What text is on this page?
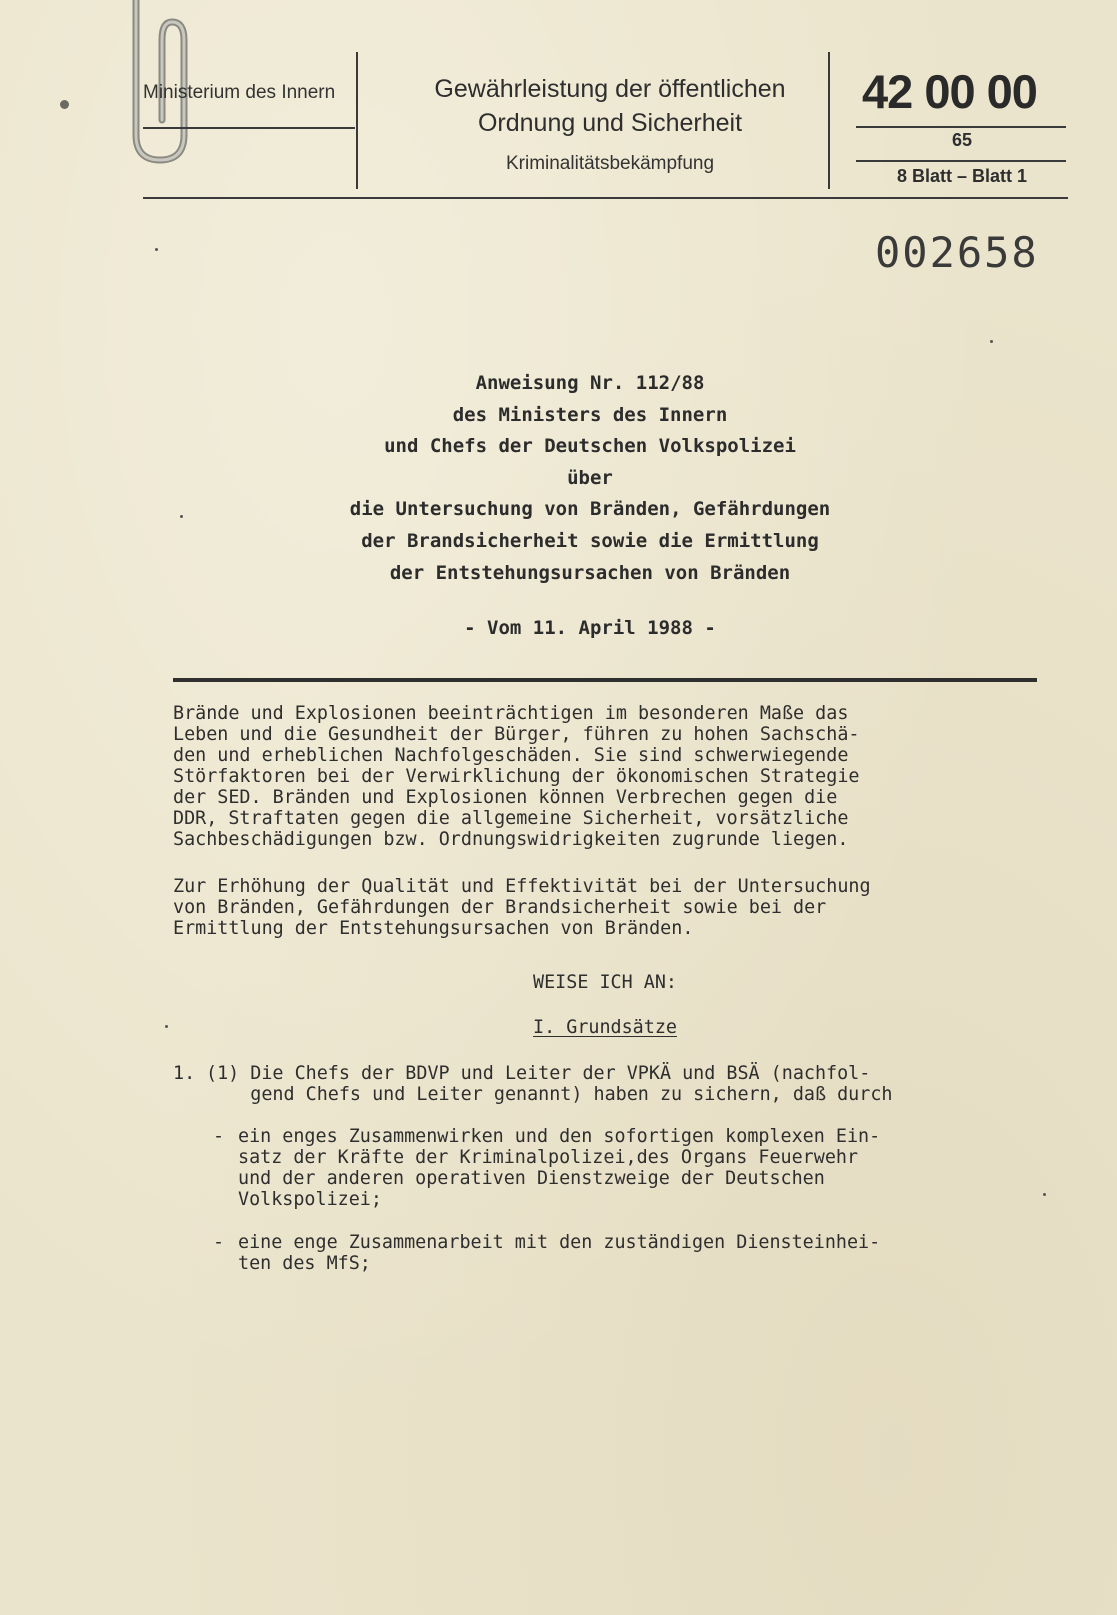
Ministerium des Innern	Gewährleistung der öffentlichen
Ordnung und Sicherheit
Kriminalitätsbekämpfung
42 00 00
65
8 Blatt – Blatt 1
002658
Anweisung Nr. 112/88
des Ministers des Innern
und Chefs der Deutschen Volkspolizei
über
die Untersuchung von Bränden, Gefährdungen
der Brandsicherheit sowie die Ermittlung
der Entstehungsursachen von Bränden
- Vom 11. April 1988 -
Brände und Explosionen beeinträchtigen im besonderen Maße das
Leben und die Gesundheit der Bürger, führen zu hohen Sachschä-
den und erheblichen Nachfolgeschäden. Sie sind schwerwiegende
Störfaktoren bei der Verwirklichung der ökonomischen Strategie
der SED. Bränden und Explosionen können Verbrechen gegen die
DDR, Straftaten gegen die allgemeine Sicherheit, vorsätzliche
Sachbeschädigungen bzw. Ordnungswidrigkeiten zugrunde liegen.
Zur Erhöhung der Qualität und Effektivität bei der Untersuchung
von Bränden, Gefährdungen der Brandsicherheit sowie bei der
Ermittlung der Entstehungsursachen von Bränden.
WEISE ICH AN:
I. Grundsätze
1. (1) Die Chefs der BDVP und Leiter der VPKÄ und BSÄ (nachfol-
gend Chefs und Leiter genannt) haben zu sichern, daß durch
- ein enges Zusammenwirken und den sofortigen komplexen Ein-
satz der Kräfte der Kriminalpolizei,des Organs Feuerwehr
und der anderen operativen Dienstzweige der Deutschen
Volkspolizei;
- eine enge Zusammenarbeit mit den zuständigen Diensteinhei-
ten des MfS;
